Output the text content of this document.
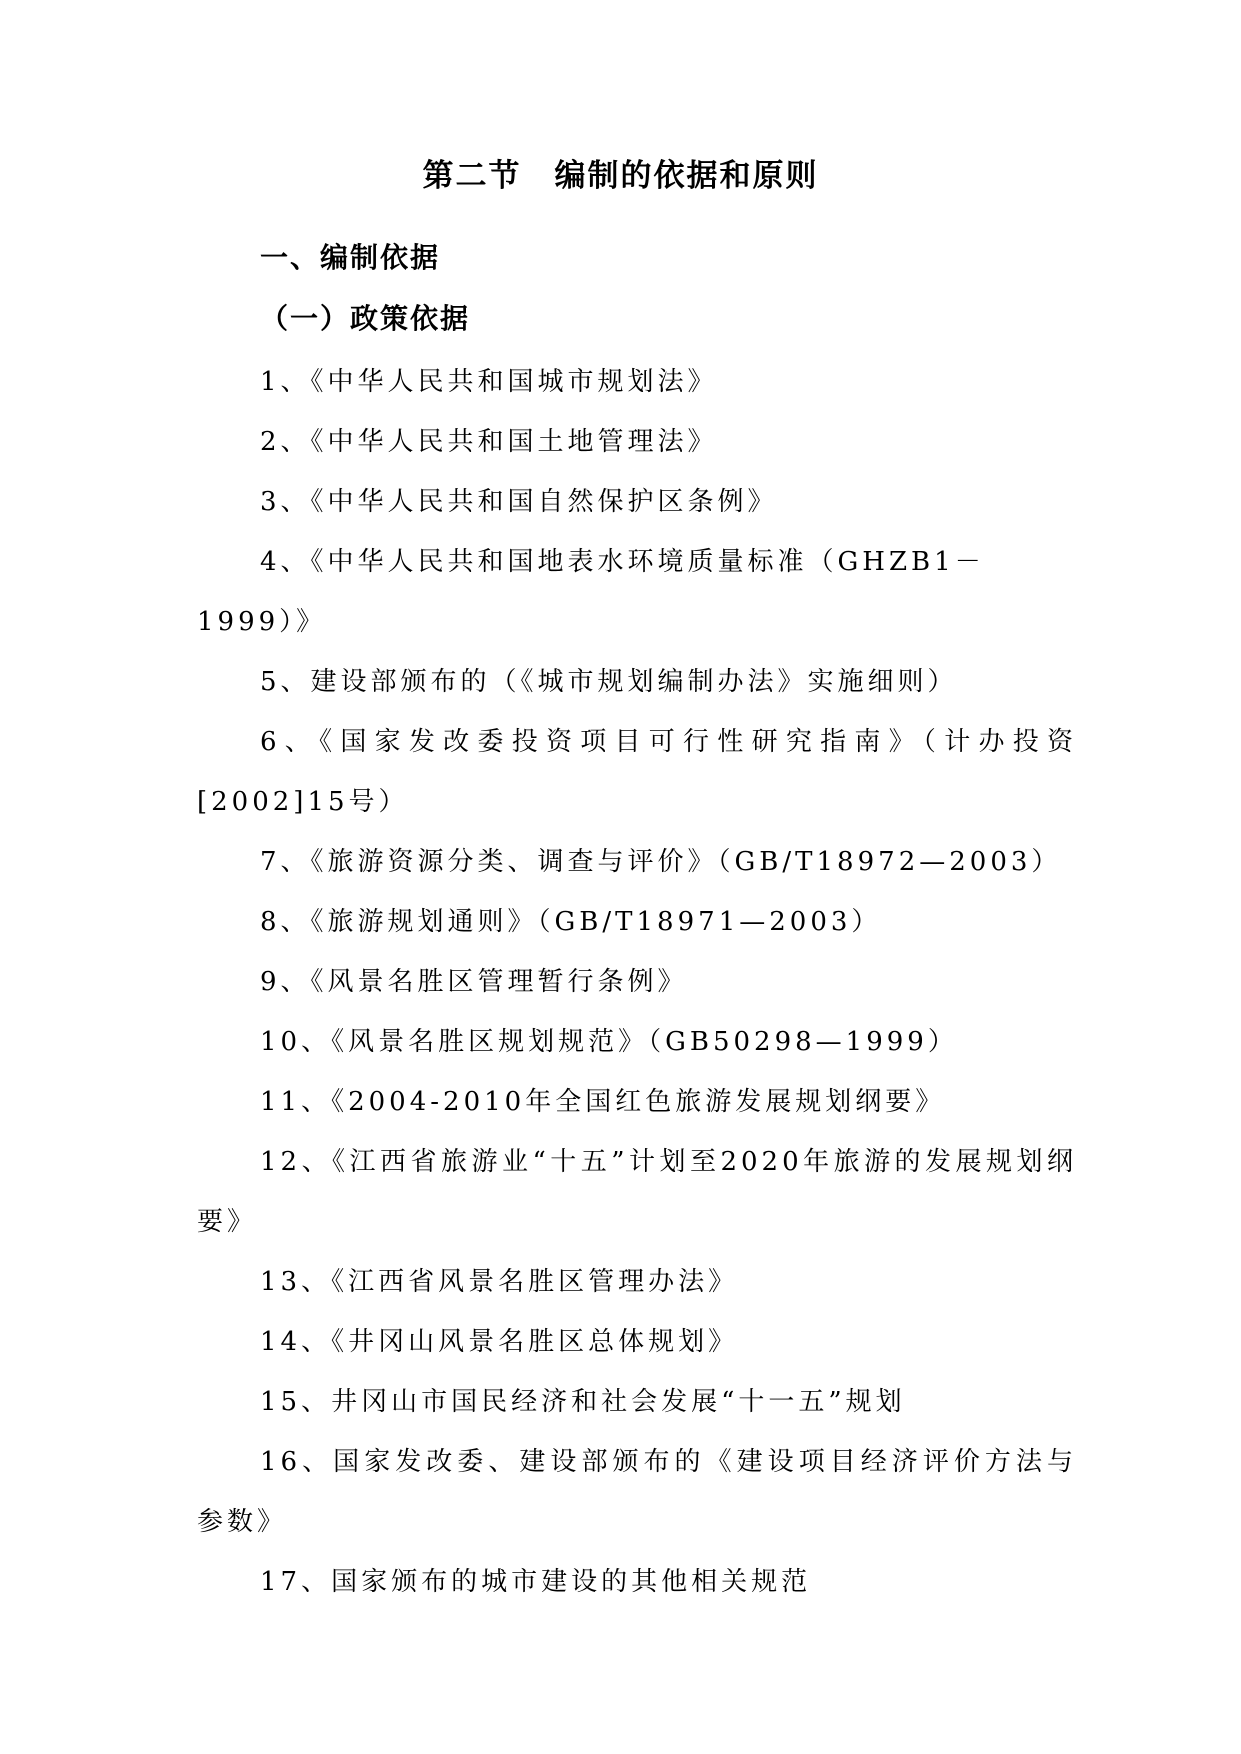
第二节　编制的依据和原则
一、编制依据
（一）政策依据
1、《中华人民共和国城市规划法》
2、《中华人民共和国土地管理法》
3、《中华人民共和国自然保护区条例》
4、《中华人民共和国地表水环境质量标准（GHZB1－1999）》
5、建设部颁布的（《城市规划编制办法》实施细则）
6、《国家发改委投资项目可行性研究指南》（计办投资[2002]15号）
7、《旅游资源分类、调查与评价》（GB/T18972—2003）
8、《旅游规划通则》（GB/T18971—2003）
9、《风景名胜区管理暂行条例》
10、《风景名胜区规划规范》（GB50298—1999）
11、《2004-2010年全国红色旅游发展规划纲要》
12、《江西省旅游业“十五”计划至2020年旅游的发展规划纲要》
13、《江西省风景名胜区管理办法》
14、《井冈山风景名胜区总体规划》
15、井冈山市国民经济和社会发展“十一五”规划
16、国家发改委、建设部颁布的《建设项目经济评价方法与参数》
17、国家颁布的城市建设的其他相关规范
